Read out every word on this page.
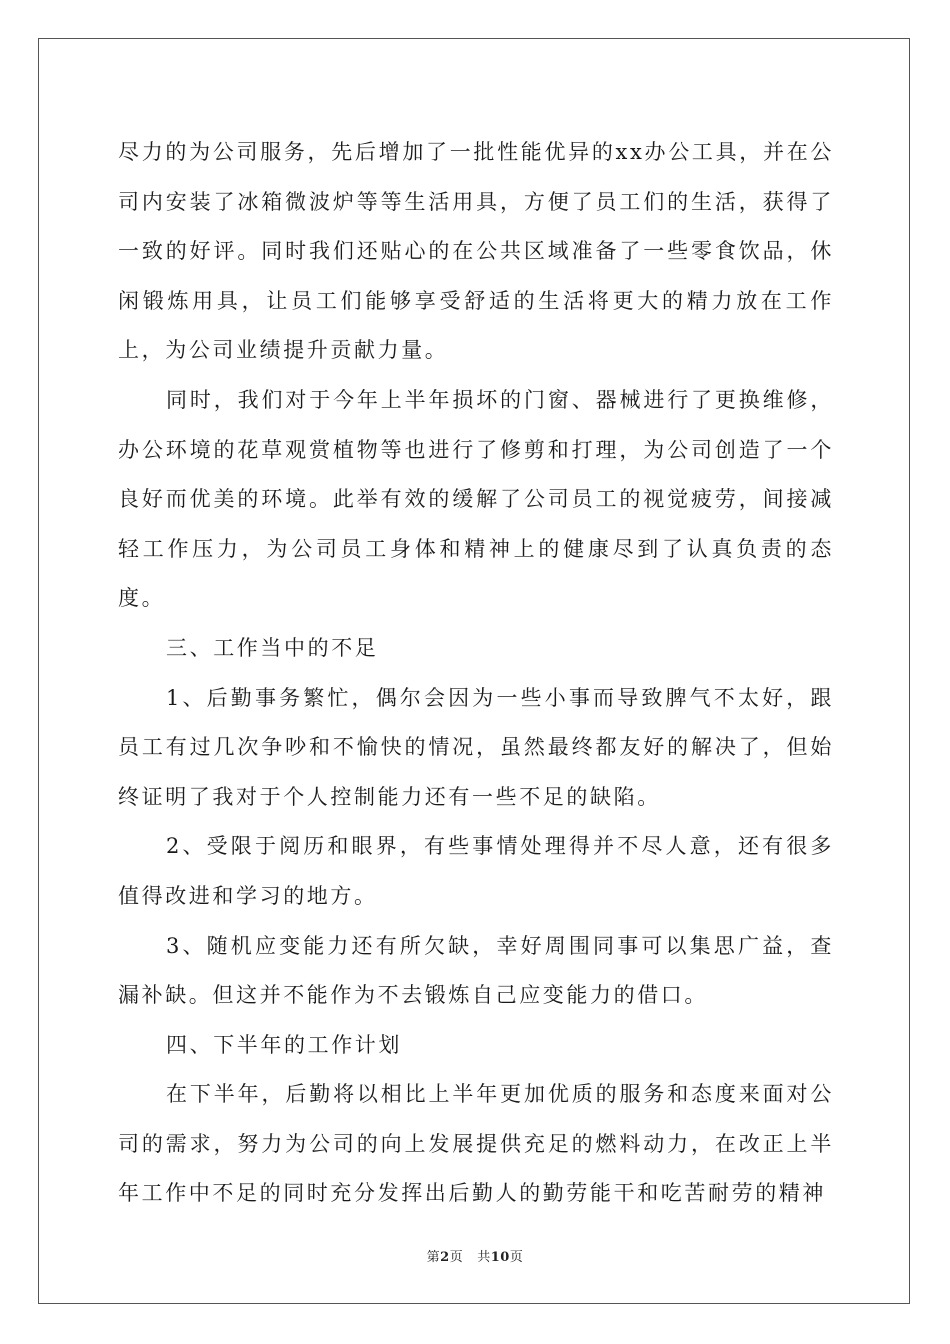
尽力的为公司服务，先后增加了一批性能优异的xx办公工具，并在公司内安装了冰箱微波炉等等生活用具，方便了员工们的生活，获得了一致的好评。同时我们还贴心的在公共区域准备了一些零食饮品，休闲锻炼用具，让员工们能够享受舒适的生活将更大的精力放在工作上，为公司业绩提升贡献力量。

同时，我们对于今年上半年损坏的门窗、器械进行了更换维修，办公环境的花草观赏植物等也进行了修剪和打理，为公司创造了一个良好而优美的环境。此举有效的缓解了公司员工的视觉疲劳，间接减轻工作压力，为公司员工身体和精神上的健康尽到了认真负责的态度。

三、工作当中的不足

1、后勤事务繁忙，偶尔会因为一些小事而导致脾气不太好，跟员工有过几次争吵和不愉快的情况，虽然最终都友好的解决了，但始终证明了我对于个人控制能力还有一些不足的缺陷。

2、受限于阅历和眼界，有些事情处理得并不尽人意，还有很多值得改进和学习的地方。

3、随机应变能力还有所欠缺，幸好周围同事可以集思广益，查漏补缺。但这并不能作为不去锻炼自己应变能力的借口。

四、下半年的工作计划

在下半年，后勤将以相比上半年更加优质的服务和态度来面对公司的需求，努力为公司的向上发展提供充足的燃料动力，在改正上半年工作中不足的同时充分发挥出后勤人的勤劳能干和吃苦耐劳的精神

第2页 共10页
